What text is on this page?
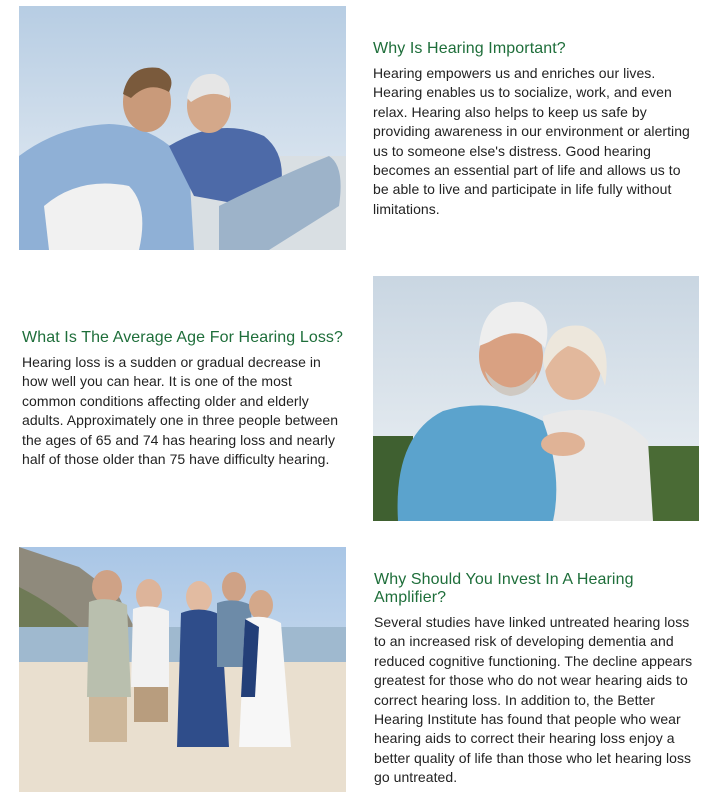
Why Is Hearing Important?

Hearing empowers us and enriches our lives. Hearing enables us to socialize, work, and even relax. Hearing also helps to keep us safe by providing awareness in our environment or alerting us to someone else's distress. Good hearing becomes an essential part of life and allows us to be able to live and participate in life fully without limitations.

What Is The Average Age For Hearing Loss?

Hearing loss is a sudden or gradual decrease in how well you can hear. It is one of the most common conditions affecting older and elderly adults. Approximately one in three people between the ages of 65 and 74 has hearing loss and nearly half of those older than 75 have difficulty hearing.

Why Should You Invest In A Hearing Amplifier?

Several studies have linked untreated hearing loss to an increased risk of developing dementia and reduced cognitive functioning. The decline appears greatest for those who do not wear hearing aids to correct hearing loss. In addition to, the Better Hearing Institute has found that people who wear hearing aids to correct their hearing loss enjoy a better quality of life than those who let hearing loss go untreated.
